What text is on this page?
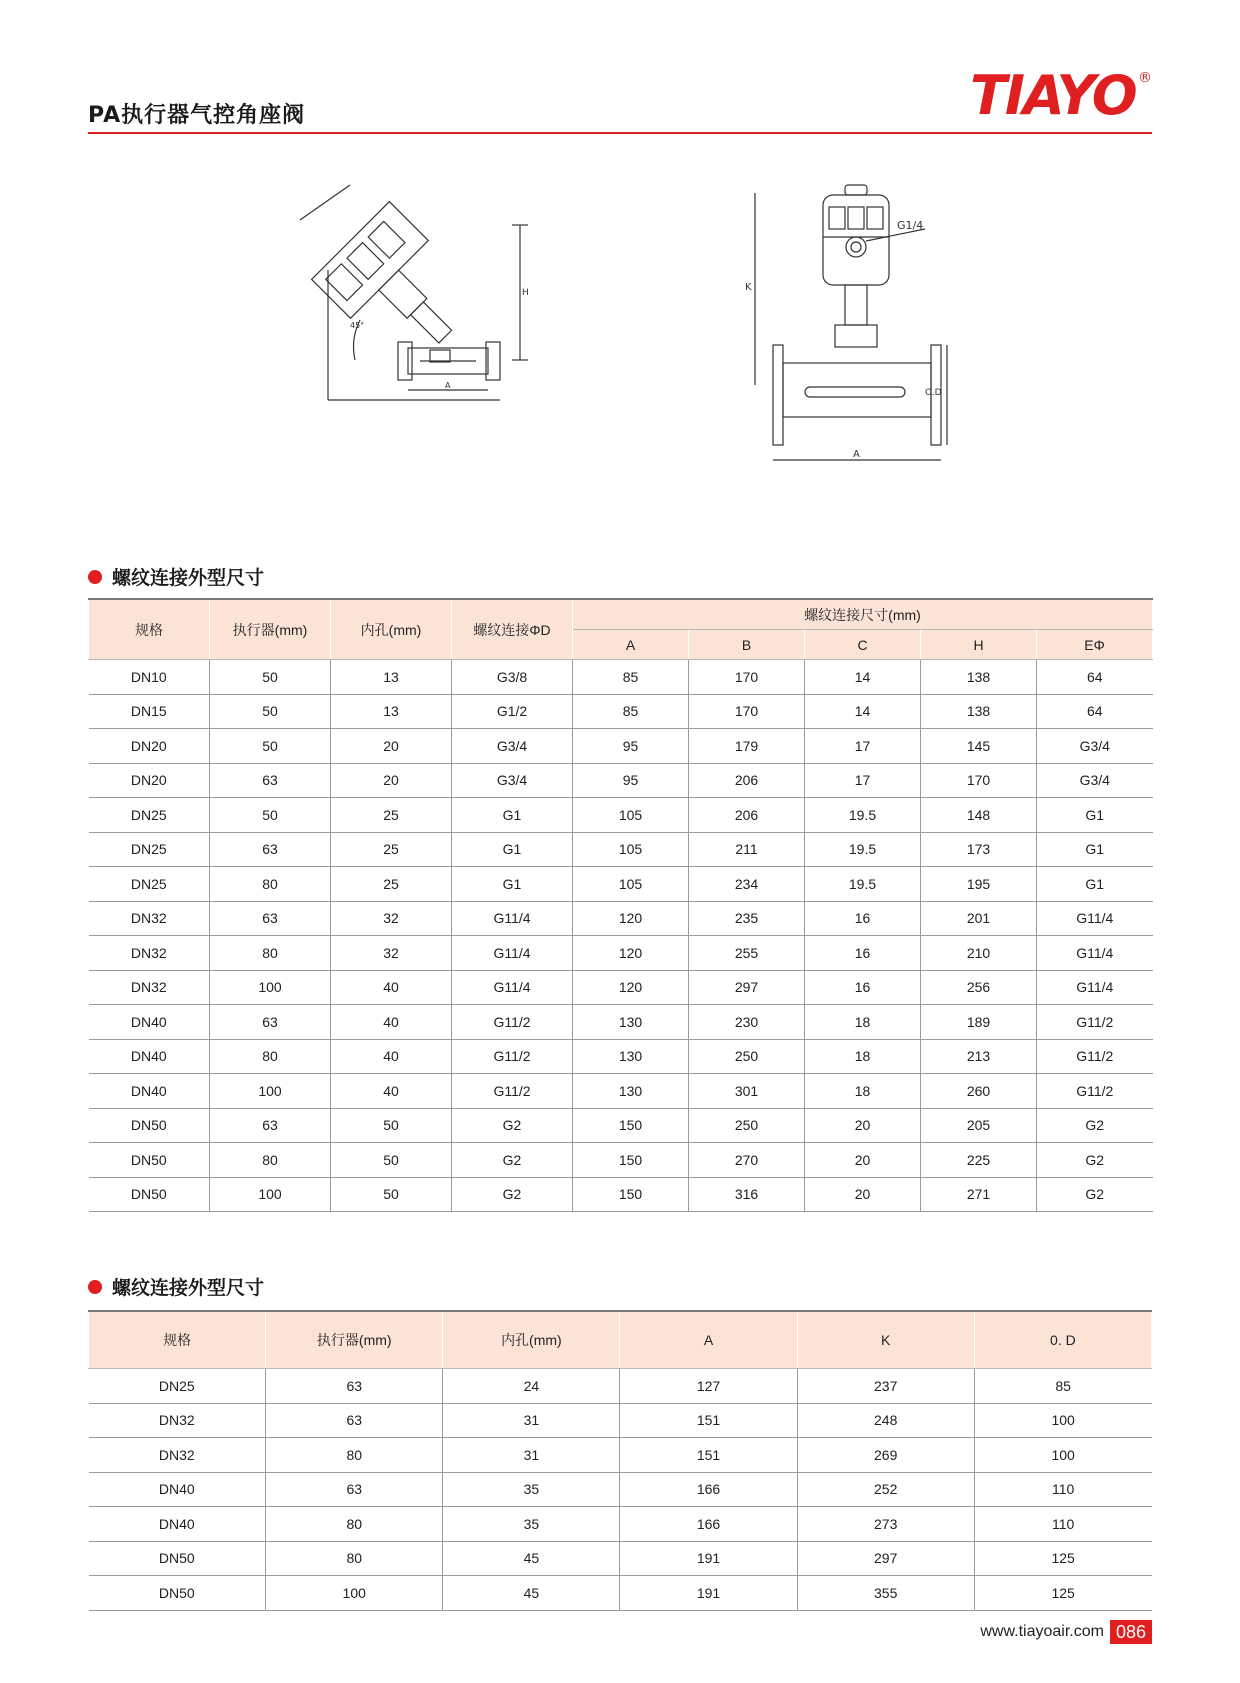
PA执行器气控角座阀	TIAYO ®
H
A
45°
G1/4
K
O.D
A
螺纹连接外型尺寸
规格	执行器(mm)	内孔(mm)	螺纹连接ΦD	螺纹连接尺寸(mm)				
				A	B	C	H	EΦ
DN10	50	13	G3/8	85	170	14	138	64
DN15	50	13	G1/2	85	170	14	138	64
DN20	50	20	G3/4	95	179	17	145	G3/4
DN20	63	20	G3/4	95	206	17	170	G3/4
DN25	50	25	G1	105	206	19.5	148	G1
DN25	63	25	G1	105	211	19.5	173	G1
DN25	80	25	G1	105	234	19.5	195	G1
DN32	63	32	G11/4	120	235	16	201	G11/4
DN32	80	32	G11/4	120	255	16	210	G11/4
DN32	100	40	G11/4	120	297	16	256	G11/4
DN40	63	40	G11/2	130	230	18	189	G11/2
DN40	80	40	G11/2	130	250	18	213	G11/2
DN40	100	40	G11/2	130	301	18	260	G11/2
DN50	63	50	G2	150	250	20	205	G2
DN50	80	50	G2	150	270	20	225	G2
DN50	100	50	G2	150	316	20	271	G2
螺纹连接外型尺寸
规格	执行器(mm)	内孔(mm)	A	K	0. D
DN25	63	24	127	237	85
DN32	63	31	151	248	100
DN32	80	31	151	269	100
DN40	63	35	166	252	110
DN40	80	35	166	273	110
DN50	80	45	191	297	125
DN50	100	45	191	355	125
www.tiayoair.com 086
